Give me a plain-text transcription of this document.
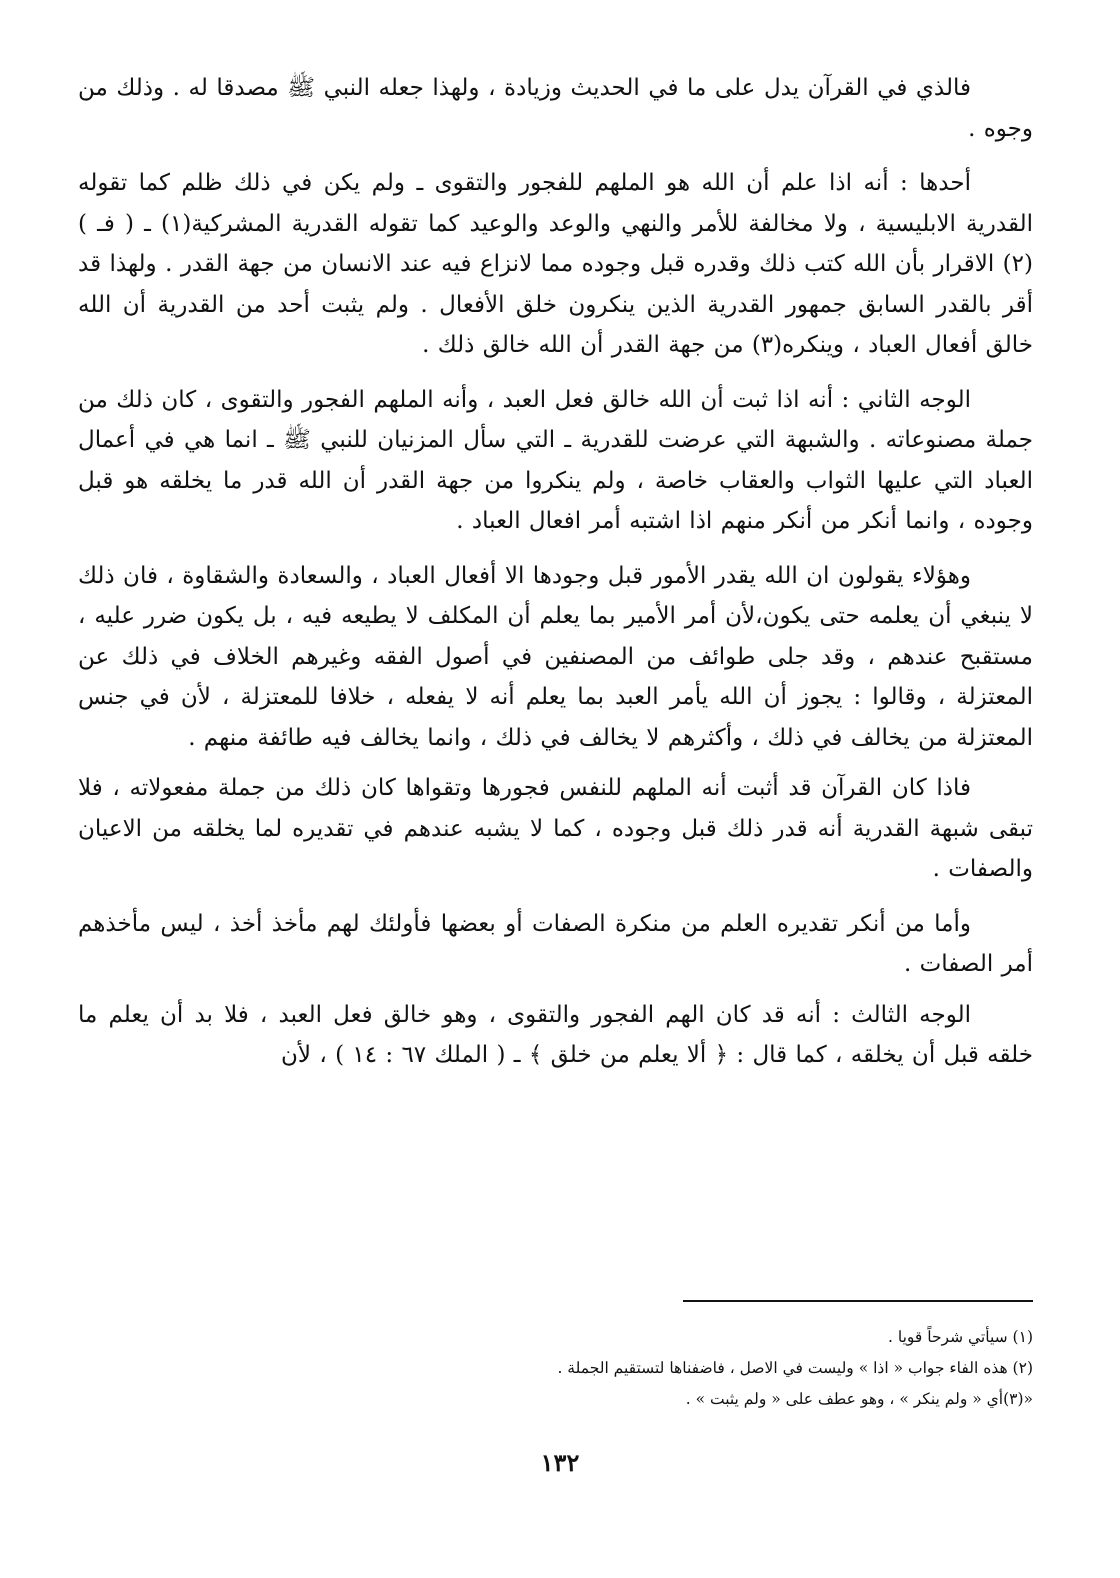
فالذي في القرآن يدل على ما في الحديث وزيادة ، ولهذا جعله النبي ﷺ مصدقا له . وذلك من وجوه .

أحدها : أنه اذا علم أن الله هو الملهم للفجور والتقوى ـ ولم يكن في ذلك ظلم كما تقوله القدرية الابليسية ، ولا مخالفة للأمر والنهي والوعد والوعيد كما تقوله القدرية المشركية(١) ـ ( فـ )(٢) الاقرار بأن الله كتب ذلك وقدره قبل وجوده مما لانزاع فيه عند الانسان من جهة القدر . ولهذا قد أقر بالقدر السابق جمهور القدرية الذين ينكرون خلق الأفعال . ولم يثبت أحد من القدرية أن الله خالق أفعال العباد ، وينكره(٣) من جهة القدر أن الله خالق ذلك .

الوجه الثاني : أنه اذا ثبت أن الله خالق فعل العبد ، وأنه الملهم الفجور والتقوى ، كان ذلك من جملة مصنوعاته . والشبهة التي عرضت للقدرية ـ التي سأل المزنيان للنبي ﷺ ـ انما هي في أعمال العباد التي عليها الثواب والعقاب خاصة ، ولم ينكروا من جهة القدر أن الله قدر ما يخلقه هو قبل وجوده ، وانما أنكر من أنكر منهم اذا اشتبه أمر افعال العباد .

وهؤلاء يقولون ان الله يقدر الأمور قبل وجودها الا أفعال العباد ، والسعادة والشقاوة ، فان ذلك لا ينبغي أن يعلمه حتى يكون،لأن أمر الأمير بما يعلم أن المكلف لا يطيعه فيه ، بل يكون ضرر عليه ، مستقبح عندهم ، وقد جلى طوائف من المصنفين في أصول الفقه وغيرهم الخلاف في ذلك عن المعتزلة ، وقالوا : يجوز أن الله يأمر العبد بما يعلم أنه لا يفعله ، خلافا للمعتزلة ، لأن في جنس المعتزلة من يخالف في ذلك ، وأكثرهم لا يخالف في ذلك ، وانما يخالف فيه طائفة منهم .

فاذا كان القرآن قد أثبت أنه الملهم للنفس فجورها وتقواها كان ذلك من جملة مفعولاته ، فلا تبقى شبهة القدرية أنه قدر ذلك قبل وجوده ، كما لا يشبه عندهم في تقديره لما يخلقه من الاعيان والصفات .

وأما من أنكر تقديره العلم من منكرة الصفات أو بعضها فأولئك لهم مأخذ أخذ ، ليس مأخذهم أمر الصفات .

الوجه الثالث : أنه قد كان الهم الفجور والتقوى ، وهو خالق فعل العبد ، فلا بد أن يعلم ما خلقه قبل أن يخلقه ، كما قال : ﴿ ألا يعلم من خلق ﴾ ـ ( الملك ٦٧ : ١٤ ) ، لأن

(١) سيأتي شرحاً قويا .

(٢) هذه الفاء جواب « اذا » وليست في الاصل ، فاضفناها لتستقيم الجملة .

«(٣)أي « ولم ينكر » ، وهو عطف على « ولم يثبت » .

١٣٢
